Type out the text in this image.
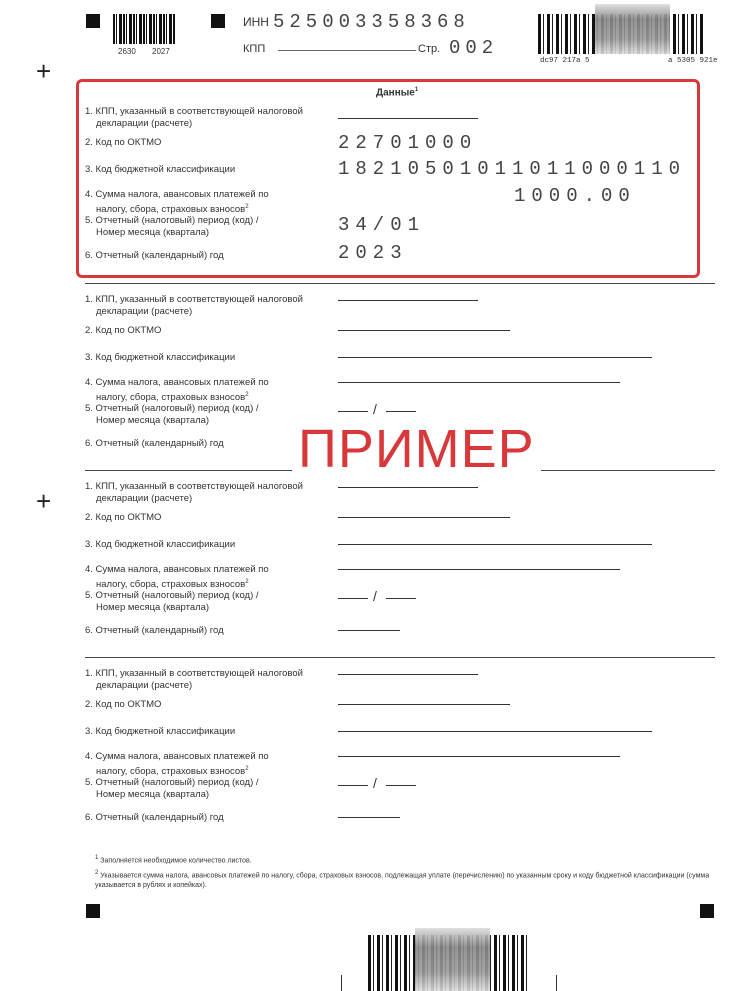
2630 2027
ИНН 525003358368
КПП	Стр. 002
dc97 217a 5	a 5305 921e
+
+
Данные$^1$
1. КПП, указанный в соответствующей налоговой
декларации (расчете)
2. Код по ОКТМО
3. Код бюджетной классификации
4. Сумма налога, авансовых платежей по
налогу, сбора, страховых взносов$^2$
5. Отчетный (налоговый) период (код) /
Номер месяца (квартала)
6. Отчетный (календарный) год
22701000
18210501011011000110
1000.00
34/01
2023
1. КПП, указанный в соответствующей налоговой
декларации (расчете)
2. Код по ОКТМО
3. Код бюджетной классификации
4. Сумма налога, авансовых платежей по
налогу, сбора, страховых взносов$^2$
5. Отчетный (налоговый) период (код) /
Номер месяца (квартала)
6. Отчетный (календарный) год
/
1. КПП, указанный в соответствующей налоговой
декларации (расчете)
2. Код по ОКТМО
3. Код бюджетной классификации
4. Сумма налога, авансовых платежей по
налогу, сбора, страховых взносов$^2$
5. Отчетный (налоговый) период (код) /
Номер месяца (квартала)
6. Отчетный (календарный) год
/
1. КПП, указанный в соответствующей налоговой
декларации (расчете)
2. Код по ОКТМО
3. Код бюджетной классификации
4. Сумма налога, авансовых платежей по
налогу, сбора, страховых взносов$^2$
5. Отчетный (налоговый) период (код) /
Номер месяца (квартала)
6. Отчетный (календарный) год
/
ПРИМЕР
$^1$ Заполняется необходимое количество листов.
$^2$ Указывается сумма налога, авансовых платежей по налогу, сбора, страховых взносов, подлежащая уплате (перечислению) по указанным сроку и коду бюджетной классификации (сумма указывается в рублях и копейках).
